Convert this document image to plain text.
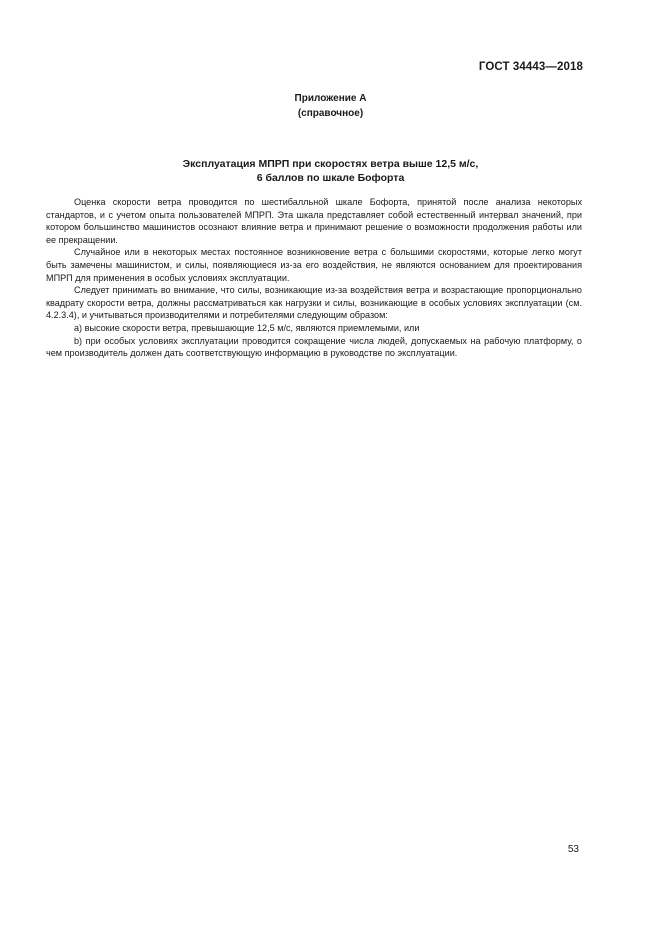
ГОСТ 34443—2018
Приложение А
(справочное)
Эксплуатация МПРП при скоростях ветра выше 12,5 м/с,
6 баллов по шкале Бофорта

Оценка скорости ветра проводится по шестибалльной шкале Бофорта, принятой после анализа некоторых стандартов, и с учетом опыта пользователей МПРП. Эта шкала представляет собой естественный интервал значений, при котором большинство машинистов осознают влияние ветра и принимают решение о возможности продолжения работы или ее прекращении.

Случайное или в некоторых местах постоянное возникновение ветра с большими скоростями, которые легко могут быть замечены машинистом, и силы, появляющиеся из-за его воздействия, не являются основанием для проектирования МПРП для применения в особых условиях эксплуатации.

Следует принимать во внимание, что силы, возникающие из-за воздействия ветра и возрастающие пропорционально квадрату скорости ветра, должны рассматриваться как нагрузки и силы, возникающие в особых условиях эксплуатации (см. 4.2.3.4), и учитываться производителями и потребителями следующим образом:

а) высокие скорости ветра, превышающие 12,5 м/с, являются приемлемыми, или

b) при особых условиях эксплуатации проводится сокращение числа людей, допускаемых на рабочую платформу, о чем производитель должен дать соответствующую информацию в руководстве по эксплуатации.

53
